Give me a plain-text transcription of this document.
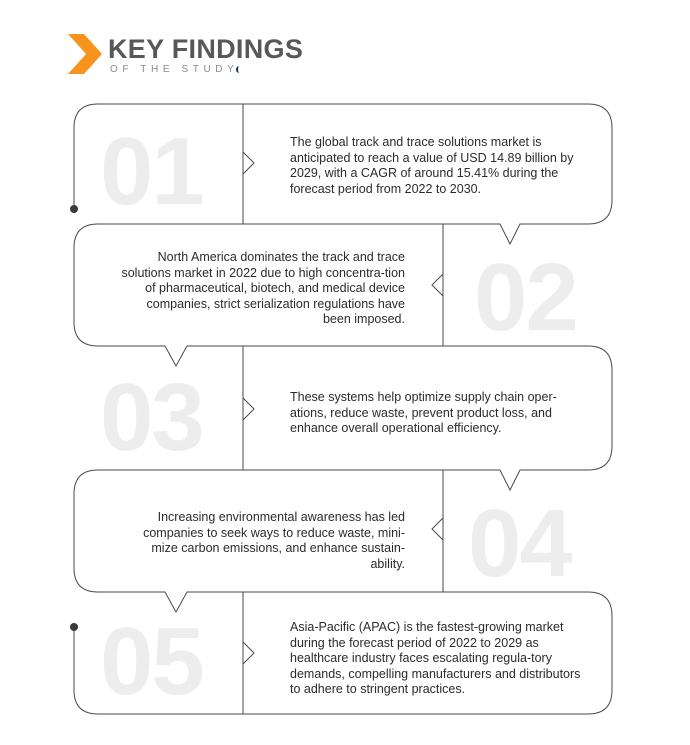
KEY FINDINGS
OF THE STUDY
01
02
03
04
05
The global track and trace solutions market is anticipated to reach a value of USD 14.89 billion by 2029, with a CAGR of around 15.41% during the forecast period from 2022 to 2030.
North America dominates the track and trace solutions market in 2022 due to high concentra-tion of pharmaceutical, biotech, and medical device companies, strict serialization regulations have been imposed.
These systems help optimize supply chain oper-ations, reduce waste, prevent product loss, and enhance overall operational efficiency.
Increasing environmental awareness has led companies to seek ways to reduce waste, mini-mize carbon emissions, and enhance sustain-ability.
Asia-Pacific (APAC) is the fastest-growing market during the forecast period of 2022 to 2029 as healthcare industry faces escalating regula-tory demands, compelling manufacturers and distributors to adhere to stringent practices.
